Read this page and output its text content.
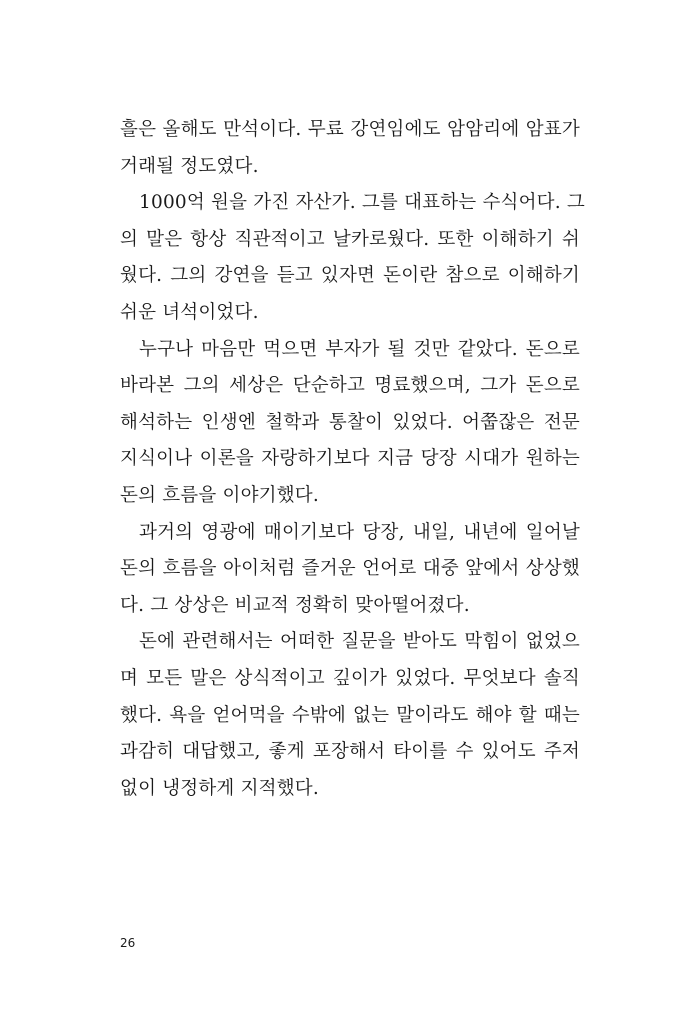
흘은 올해도 만석이다. 무료 강연임에도 암암리에 암표가
거래될 정도였다.
1000억 원을 가진 자산가. 그를 대표하는 수식어다. 그
의 말은 항상 직관적이고 날카로웠다. 또한 이해하기 쉬
웠다. 그의 강연을 듣고 있자면 돈이란 참으로 이해하기
쉬운 녀석이었다.
누구나 마음만 먹으면 부자가 될 것만 같았다. 돈으로
바라본 그의 세상은 단순하고 명료했으며, 그가 돈으로
해석하는 인생엔 철학과 통찰이 있었다. 어쭙잖은 전문
지식이나 이론을 자랑하기보다 지금 당장 시대가 원하는
돈의 흐름을 이야기했다.
과거의 영광에 매이기보다 당장, 내일, 내년에 일어날
돈의 흐름을 아이처럼 즐거운 언어로 대중 앞에서 상상했
다. 그 상상은 비교적 정확히 맞아떨어졌다.
돈에 관련해서는 어떠한 질문을 받아도 막힘이 없었으
며 모든 말은 상식적이고 깊이가 있었다. 무엇보다 솔직
했다. 욕을 얻어먹을 수밖에 없는 말이라도 해야 할 때는
과감히 대답했고, 좋게 포장해서 타이를 수 있어도 주저
없이 냉정하게 지적했다.
26
